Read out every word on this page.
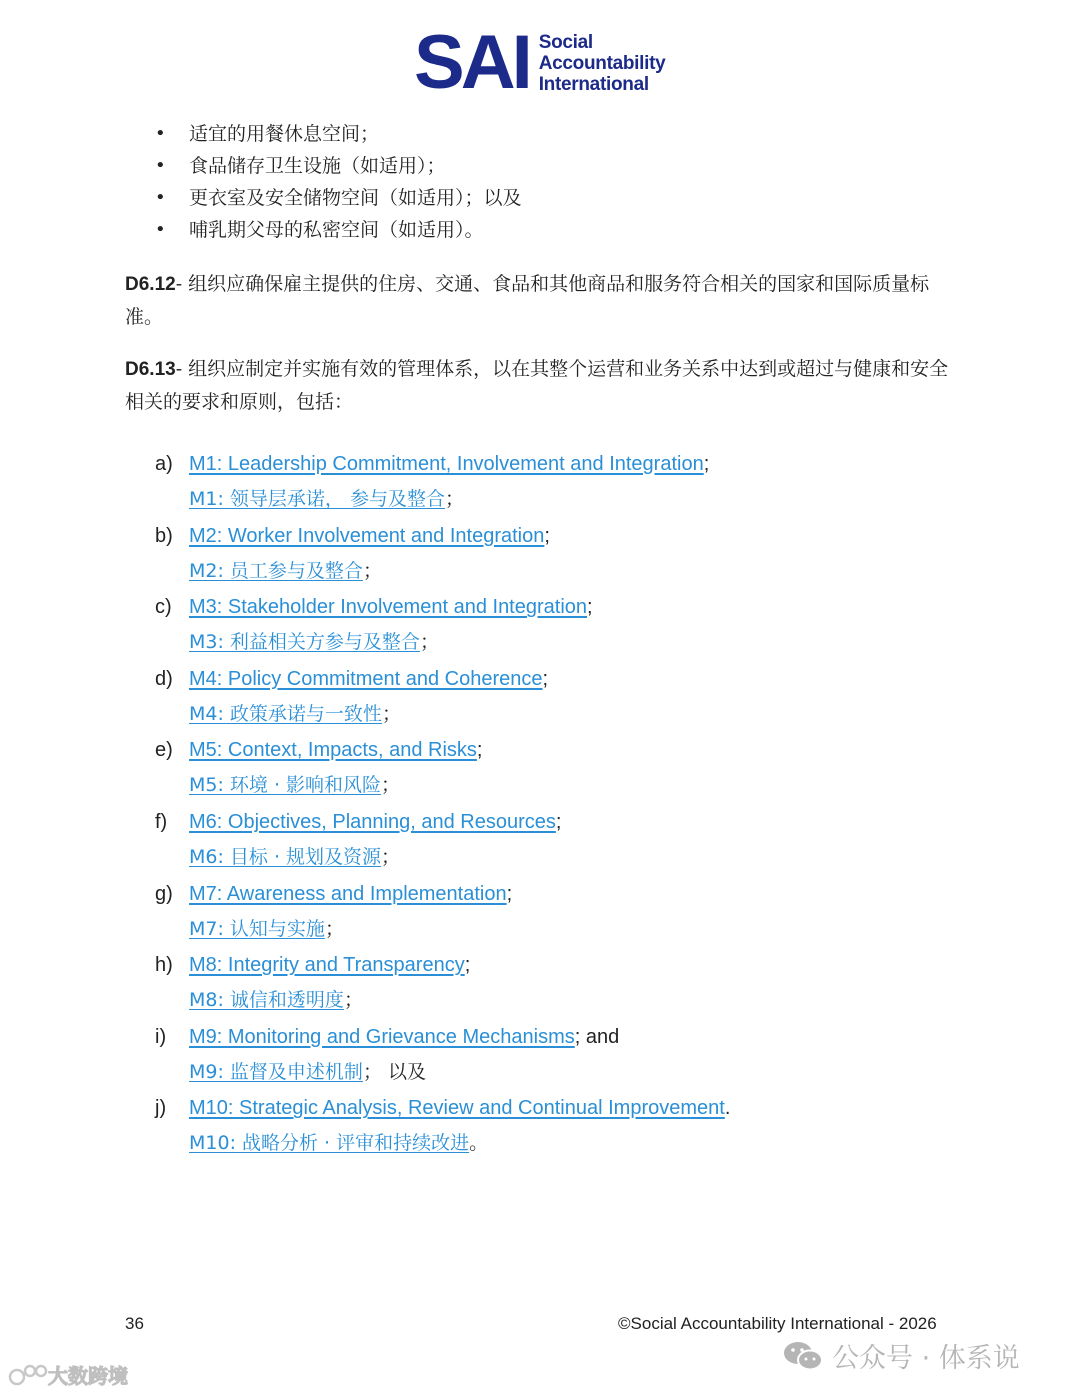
SAI Social
Accountability
International
•	适宜的用餐休息空间；
•	食品储存卫生设施（如适用）；
•	更衣室及安全储物空间（如适用）；以及
•	哺乳期父母的私密空间（如适用）。
D6.12- 组织应确保雇主提供的住房、交通、食品和其他商品和服务符合相关的国家和国际质量标准。
D6.13- 组织应制定并实施有效的管理体系，以在其整个运营和业务关系中达到或超过与健康和安全相关的要求和原则，包括：
a) M1: Leadership Commitment, Involvement and Integration;
M1: 领导层承诺， 参与及整合；
b) M2: Worker Involvement and Integration;
M2: 员工参与及整合；
c) M3: Stakeholder Involvement and Integration;
M3: 利益相关方参与及整合；
d) M4: Policy Commitment and Coherence;
M4: 政策承诺与一致性；
e) M5: Context, Impacts, and Risks;
M5: 环境 · 影响和风险；
f)	M6: Objectives, Planning, and Resources;
M6: 目标 · 规划及资源；
g) M7: Awareness and Implementation;
M7: 认知与实施；
h) M8: Integrity and Transparency;
M8: 诚信和透明度；
i)	M9: Monitoring and Grievance Mechanisms; and
M9: 监督及申述机制； 以及
j)	M10: Strategic Analysis, Review and Continual Improvement.
M10: 战略分析 · 评审和持续改进。
36	©Social Accountability International - 2026
大数跨境
公众号 · 体系说
